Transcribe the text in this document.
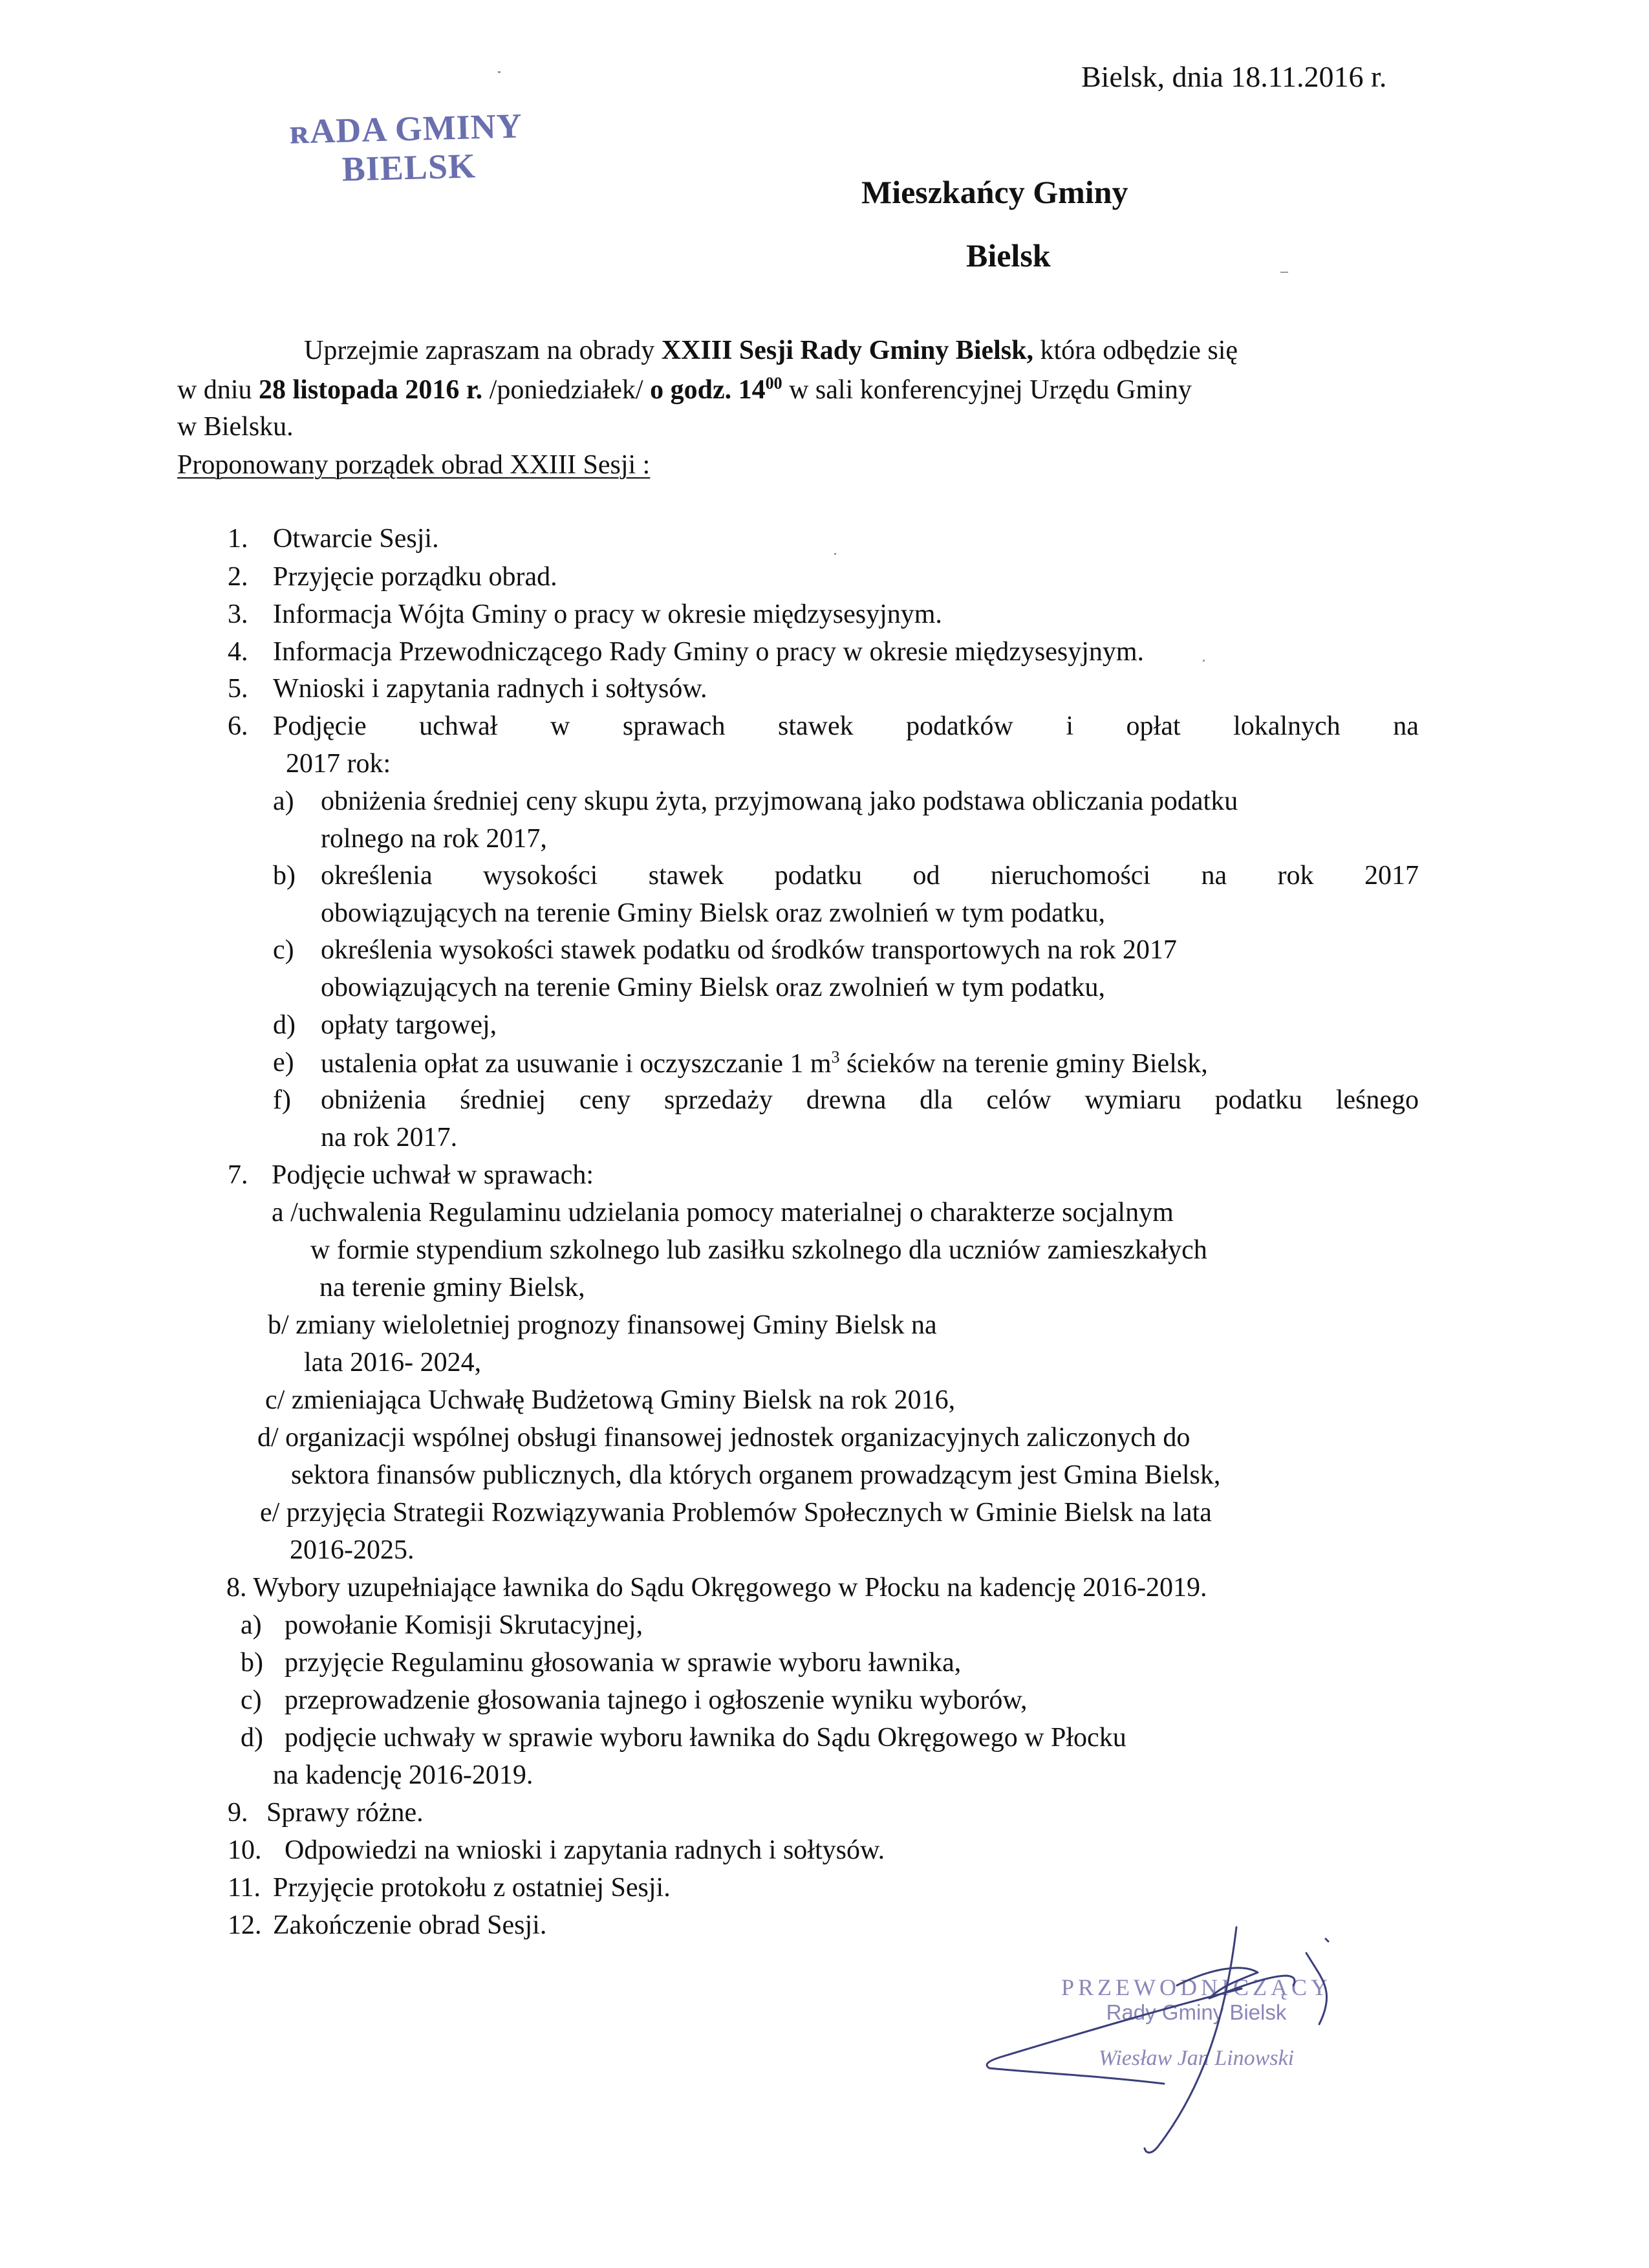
Bielsk, dnia 18.11.2016 r.
ʀADA GMINY
BIELSK
Mieszkańcy Gminy
Bielsk
Uprzejmie zapraszam na obrady XXIII Sesji Rady Gminy Bielsk, która odbędzie się
w dniu 28 listopada 2016 r. /poniedziałek/ o godz. $14^{00}$ w sali konferencyjnej Urzędu Gminy
w Bielsku.
Proponowany porządek obrad XXIII Sesji :
1. Otwarcie Sesji.
2. Przyjęcie porządku obrad.
3. Informacja Wójta Gminy o pracy w okresie międzysesyjnym.
4. Informacja Przewodniczącego Rady Gminy o pracy w okresie międzysesyjnym.
5. Wnioski i zapytania radnych i sołtysów.
6. Podjęcie uchwał w sprawach stawek podatków i opłat lokalnych na
2017 rok:
a) obniżenia średniej ceny skupu żyta, przyjmowaną jako podstawa obliczania podatku
rolnego na rok 2017,
b) określenia wysokości stawek podatku od nieruchomości na rok 2017
obowiązujących na terenie Gminy Bielsk oraz zwolnień w tym podatku,
c) określenia wysokości stawek podatku od środków transportowych na rok 2017
obowiązujących na terenie Gminy Bielsk oraz zwolnień w tym podatku,
d) opłaty targowej,
e) ustalenia opłat za usuwanie i oczyszczanie 1 $m^3$ ścieków na terenie gminy Bielsk,
f) obniżenia średniej ceny sprzedaży drewna dla celów wymiaru podatku leśnego
na rok 2017.
7. Podjęcie uchwał w sprawach:
a /uchwalenia Regulaminu udzielania pomocy materialnej o charakterze socjalnym
w formie stypendium szkolnego lub zasiłku szkolnego dla uczniów zamieszkałych
na terenie gminy Bielsk,
b/ zmiany wieloletniej prognozy finansowej Gminy Bielsk na
lata 2016- 2024,
c/ zmieniająca Uchwałę Budżetową Gminy Bielsk na rok 2016,
d/ organizacji wspólnej obsługi finansowej jednostek organizacyjnych zaliczonych do
sektora finansów publicznych, dla których organem prowadzącym jest Gmina Bielsk,
e/ przyjęcia Strategii Rozwiązywania Problemów Społecznych w Gminie Bielsk na lata
2016-2025.
8. Wybory uzupełniające ławnika do Sądu Okręgowego w Płocku na kadencję 2016-2019.
a) powołanie Komisji Skrutacyjnej,
b) przyjęcie Regulaminu głosowania w sprawie wyboru ławnika,
c) przeprowadzenie głosowania tajnego i ogłoszenie wyniku wyborów,
d) podjęcie uchwały w sprawie wyboru ławnika do Sądu Okręgowego w Płocku
na kadencję 2016-2019.
9. Sprawy różne.
10. Odpowiedzi na wnioski i zapytania radnych i sołtysów.
11. Przyjęcie protokołu z ostatniej Sesji.
12. Zakończenie obrad Sesji.
PRZEWODNICZĄCY
Rady Gminy Bielsk
Wiesław Jan Linowski
